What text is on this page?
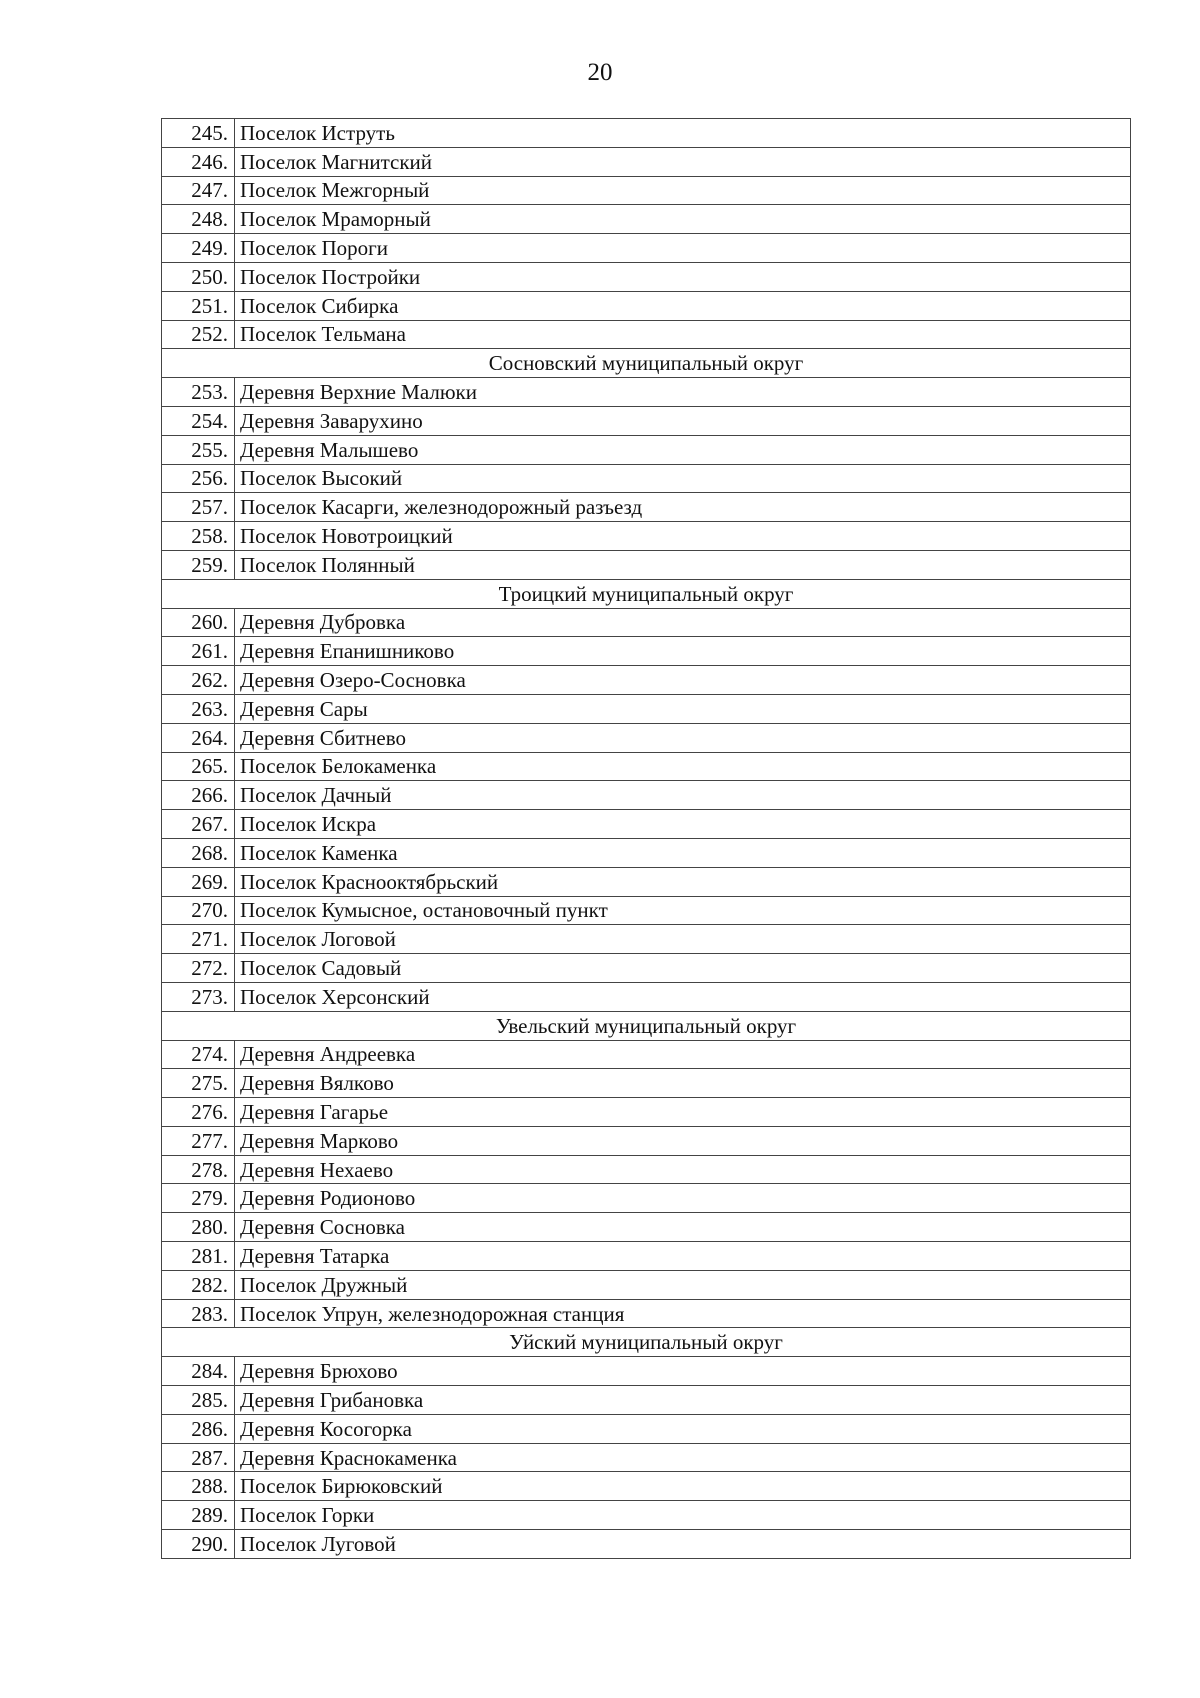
20
245.	Поселок Иструть
246.	Поселок Магнитский
247.	Поселок Межгорный
248.	Поселок Мраморный
249.	Поселок Пороги
250.	Поселок Постройки
251.	Поселок Сибирка
252.	Поселок Тельмана
Сосновский муниципальный округ	
253.	Деревня Верхние Малюки
254.	Деревня Заварухино
255.	Деревня Малышево
256.	Поселок Высокий
257.	Поселок Касарги, железнодорожный разъезд
258.	Поселок Новотроицкий
259.	Поселок Полянный
Троицкий муниципальный округ	
260.	Деревня Дубровка
261.	Деревня Епанишниково
262.	Деревня Озеро-Сосновка
263.	Деревня Сары
264.	Деревня Сбитнево
265.	Поселок Белокаменка
266.	Поселок Дачный
267.	Поселок Искра
268.	Поселок Каменка
269.	Поселок Краснооктябрьский
270.	Поселок Кумысное, остановочный пункт
271.	Поселок Логовой
272.	Поселок Садовый
273.	Поселок Херсонский
Увельский муниципальный округ	
274.	Деревня Андреевка
275.	Деревня Вялково
276.	Деревня Гагарье
277.	Деревня Марково
278.	Деревня Нехаево
279.	Деревня Родионово
280.	Деревня Сосновка
281.	Деревня Татарка
282.	Поселок Дружный
283.	Поселок Упрун, железнодорожная станция
Уйский муниципальный округ	
284.	Деревня Брюхово
285.	Деревня Грибановка
286.	Деревня Косогорка
287.	Деревня Краснокаменка
288.	Поселок Бирюковский
289.	Поселок Горки
290.	Поселок Луговой
